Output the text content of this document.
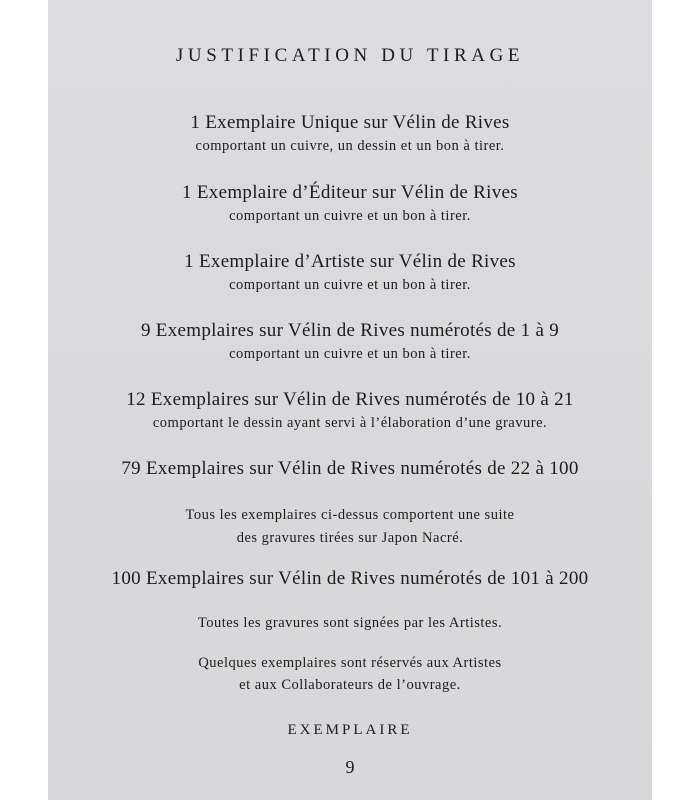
JUSTIFICATION DU TIRAGE
1 Exemplaire Unique sur Vélin de Rives
comportant un cuivre, un dessin et un bon à tirer.
1 Exemplaire d’Éditeur sur Vélin de Rives
comportant un cuivre et un bon à tirer.
1 Exemplaire d’Artiste sur Vélin de Rives
comportant un cuivre et un bon à tirer.
9 Exemplaires sur Vélin de Rives numérotés de 1 à 9
comportant un cuivre et un bon à tirer.
12 Exemplaires sur Vélin de Rives numérotés de 10 à 21
comportant le dessin ayant servi à l’élaboration d’une gravure.
79 Exemplaires sur Vélin de Rives numérotés de 22 à 100
Tous les exemplaires ci-dessus comportent une suite
des gravures tirées sur Japon Nacré.
100 Exemplaires sur Vélin de Rives numérotés de 101 à 200
Toutes les gravures sont signées par les Artistes.
Quelques exemplaires sont réservés aux Artistes
et aux Collaborateurs de l’ouvrage.
EXEMPLAIRE
9
